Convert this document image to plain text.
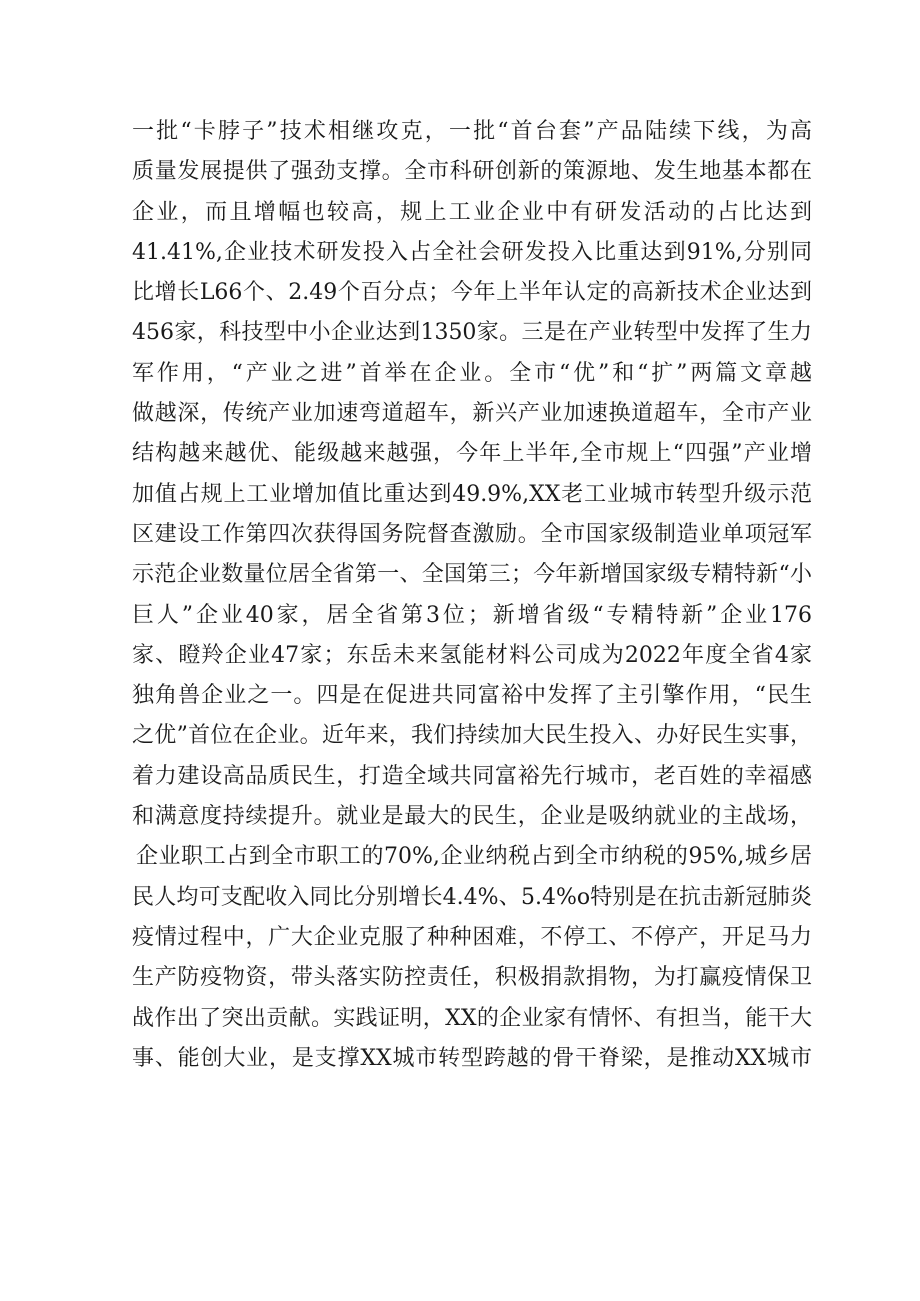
一批“卡脖子”技术相继攻克，一批“首台套”产品陆续下线，为高
质量发展提供了强劲支撑。全市科研创新的策源地、发生地基本都在
企业，而且增幅也较高，规上工业企业中有研发活动的占比达到
41.41%,企业技术研发投入占全社会研发投入比重达到91%,分别同
比增长L66个、2.49个百分点；今年上半年认定的高新技术企业达到
456家，科技型中小企业达到1350家。三是在产业转型中发挥了生力
军作用，“产业之进”首举在企业。全市“优”和“扩”两篇文章越
做越深，传统产业加速弯道超车，新兴产业加速换道超车，全市产业
结构越来越优、能级越来越强，今年上半年,全市规上“四强”产业增
加值占规上工业增加值比重达到49.9%,XX老工业城市转型升级示范
区建设工作第四次获得国务院督查激励。全市国家级制造业单项冠军
示范企业数量位居全省第一、全国第三；今年新增国家级专精特新“小
巨人”企业40家，居全省第3位；新增省级“专精特新”企业176
家、瞪羚企业47家；东岳未来氢能材料公司成为2022年度全省4家
独角兽企业之一。四是在促进共同富裕中发挥了主引擎作用，“民生
之优”首位在企业。近年来，我们持续加大民生投入、办好民生实事，
着力建设高品质民生，打造全域共同富裕先行城市，老百姓的幸福感
和满意度持续提升。就业是最大的民生，企业是吸纳就业的主战场，
企业职工占到全市职工的70%,企业纳税占到全市纳税的95%,城乡居
民人均可支配收入同比分别增长4.4%、5.4%o特别是在抗击新冠肺炎
疫情过程中，广大企业克服了种种困难，不停工、不停产，开足马力
生产防疫物资，带头落实防控责任，积极捐款捐物，为打赢疫情保卫
战作出了突出贡献。实践证明，XX的企业家有情怀、有担当，能干大
事、能创大业，是支撑XX城市转型跨越的骨干脊梁，是推动XX城市
